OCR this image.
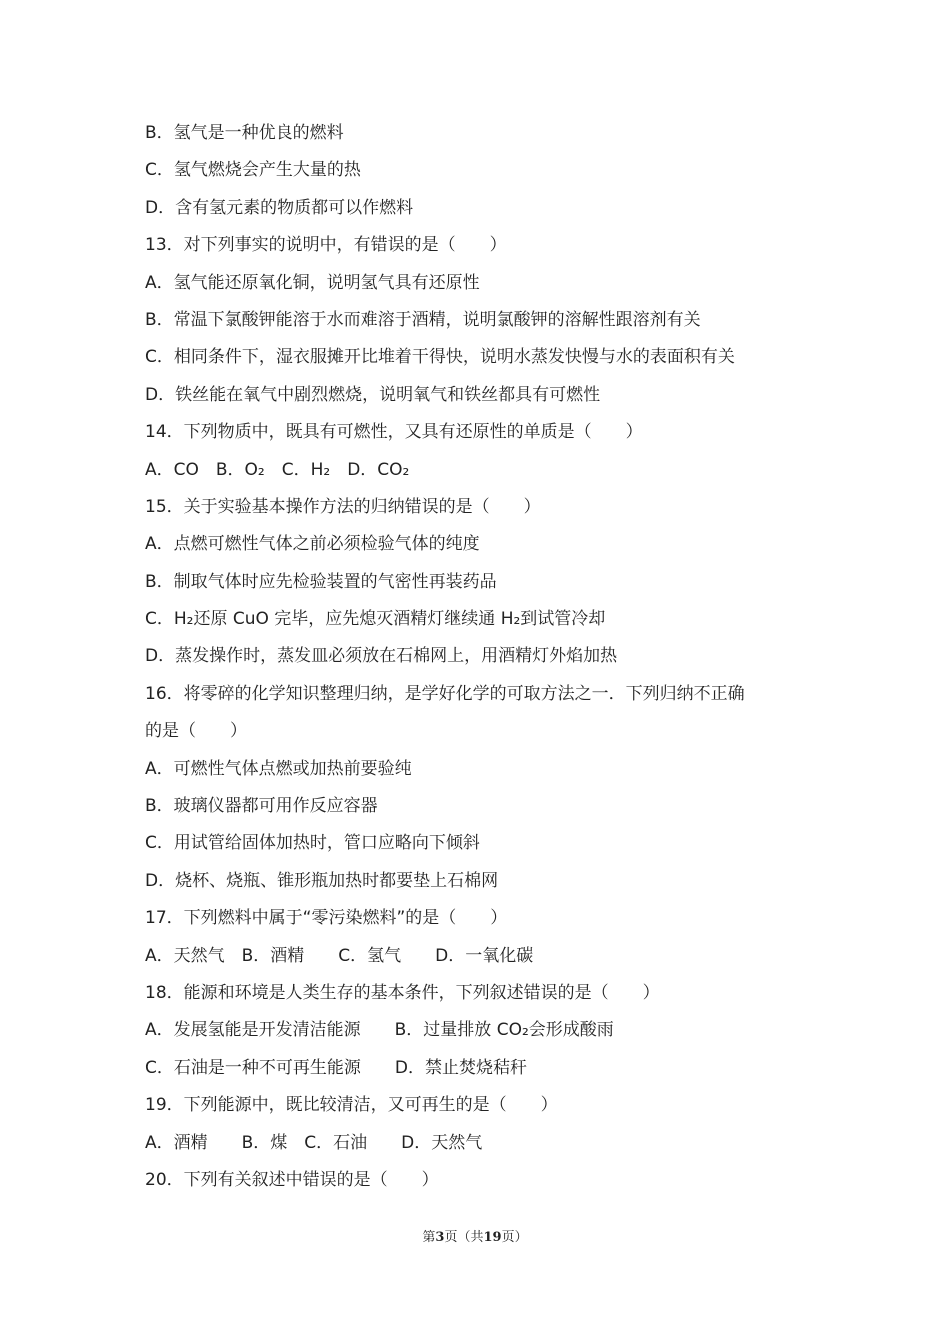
B．氢气是一种优良的燃料
C．氢气燃烧会产生大量的热
D．含有氢元素的物质都可以作燃料
13．对下列事实的说明中，有错误的是（　　）
A．氢气能还原氧化铜，说明氢气具有还原性
B．常温下氯酸钾能溶于水而难溶于酒精，说明氯酸钾的溶解性跟溶剂有关
C．相同条件下，湿衣服摊开比堆着干得快，说明水蒸发快慢与水的表面积有关
D．铁丝能在氧气中剧烈燃烧，说明氧气和铁丝都具有可燃性
14．下列物质中，既具有可燃性，又具有还原性的单质是（　　）
A．CO　B．O₂　C．H₂　D．CO₂
15．关于实验基本操作方法的归纳错误的是（　　）
A．点燃可燃性气体之前必须检验气体的纯度
B．制取气体时应先检验装置的气密性再装药品
C．H₂还原 CuO 完毕，应先熄灭酒精灯继续通 H₂到试管冷却
D．蒸发操作时，蒸发皿必须放在石棉网上，用酒精灯外焰加热
16．将零碎的化学知识整理归纳，是学好化学的可取方法之一．下列归纳不正确
的是（　　）
A．可燃性气体点燃或加热前要验纯
B．玻璃仪器都可用作反应容器
C．用试管给固体加热时，管口应略向下倾斜
D．烧杯、烧瓶、锥形瓶加热时都要垫上石棉网
17．下列燃料中属于“零污染燃料”的是（　　）
A．天然气　B．酒精　　C．氢气　　D．一氧化碳
18．能源和环境是人类生存的基本条件，下列叙述错误的是（　　）
A．发展氢能是开发清洁能源　　B．过量排放 CO₂会形成酸雨
C．石油是一种不可再生能源　　D．禁止焚烧秸秆
19．下列能源中，既比较清洁，又可再生的是（　　）
A．酒精　　B．煤　C．石油　　D．天然气
20．下列有关叙述中错误的是（　　）
第3页（共19页）
